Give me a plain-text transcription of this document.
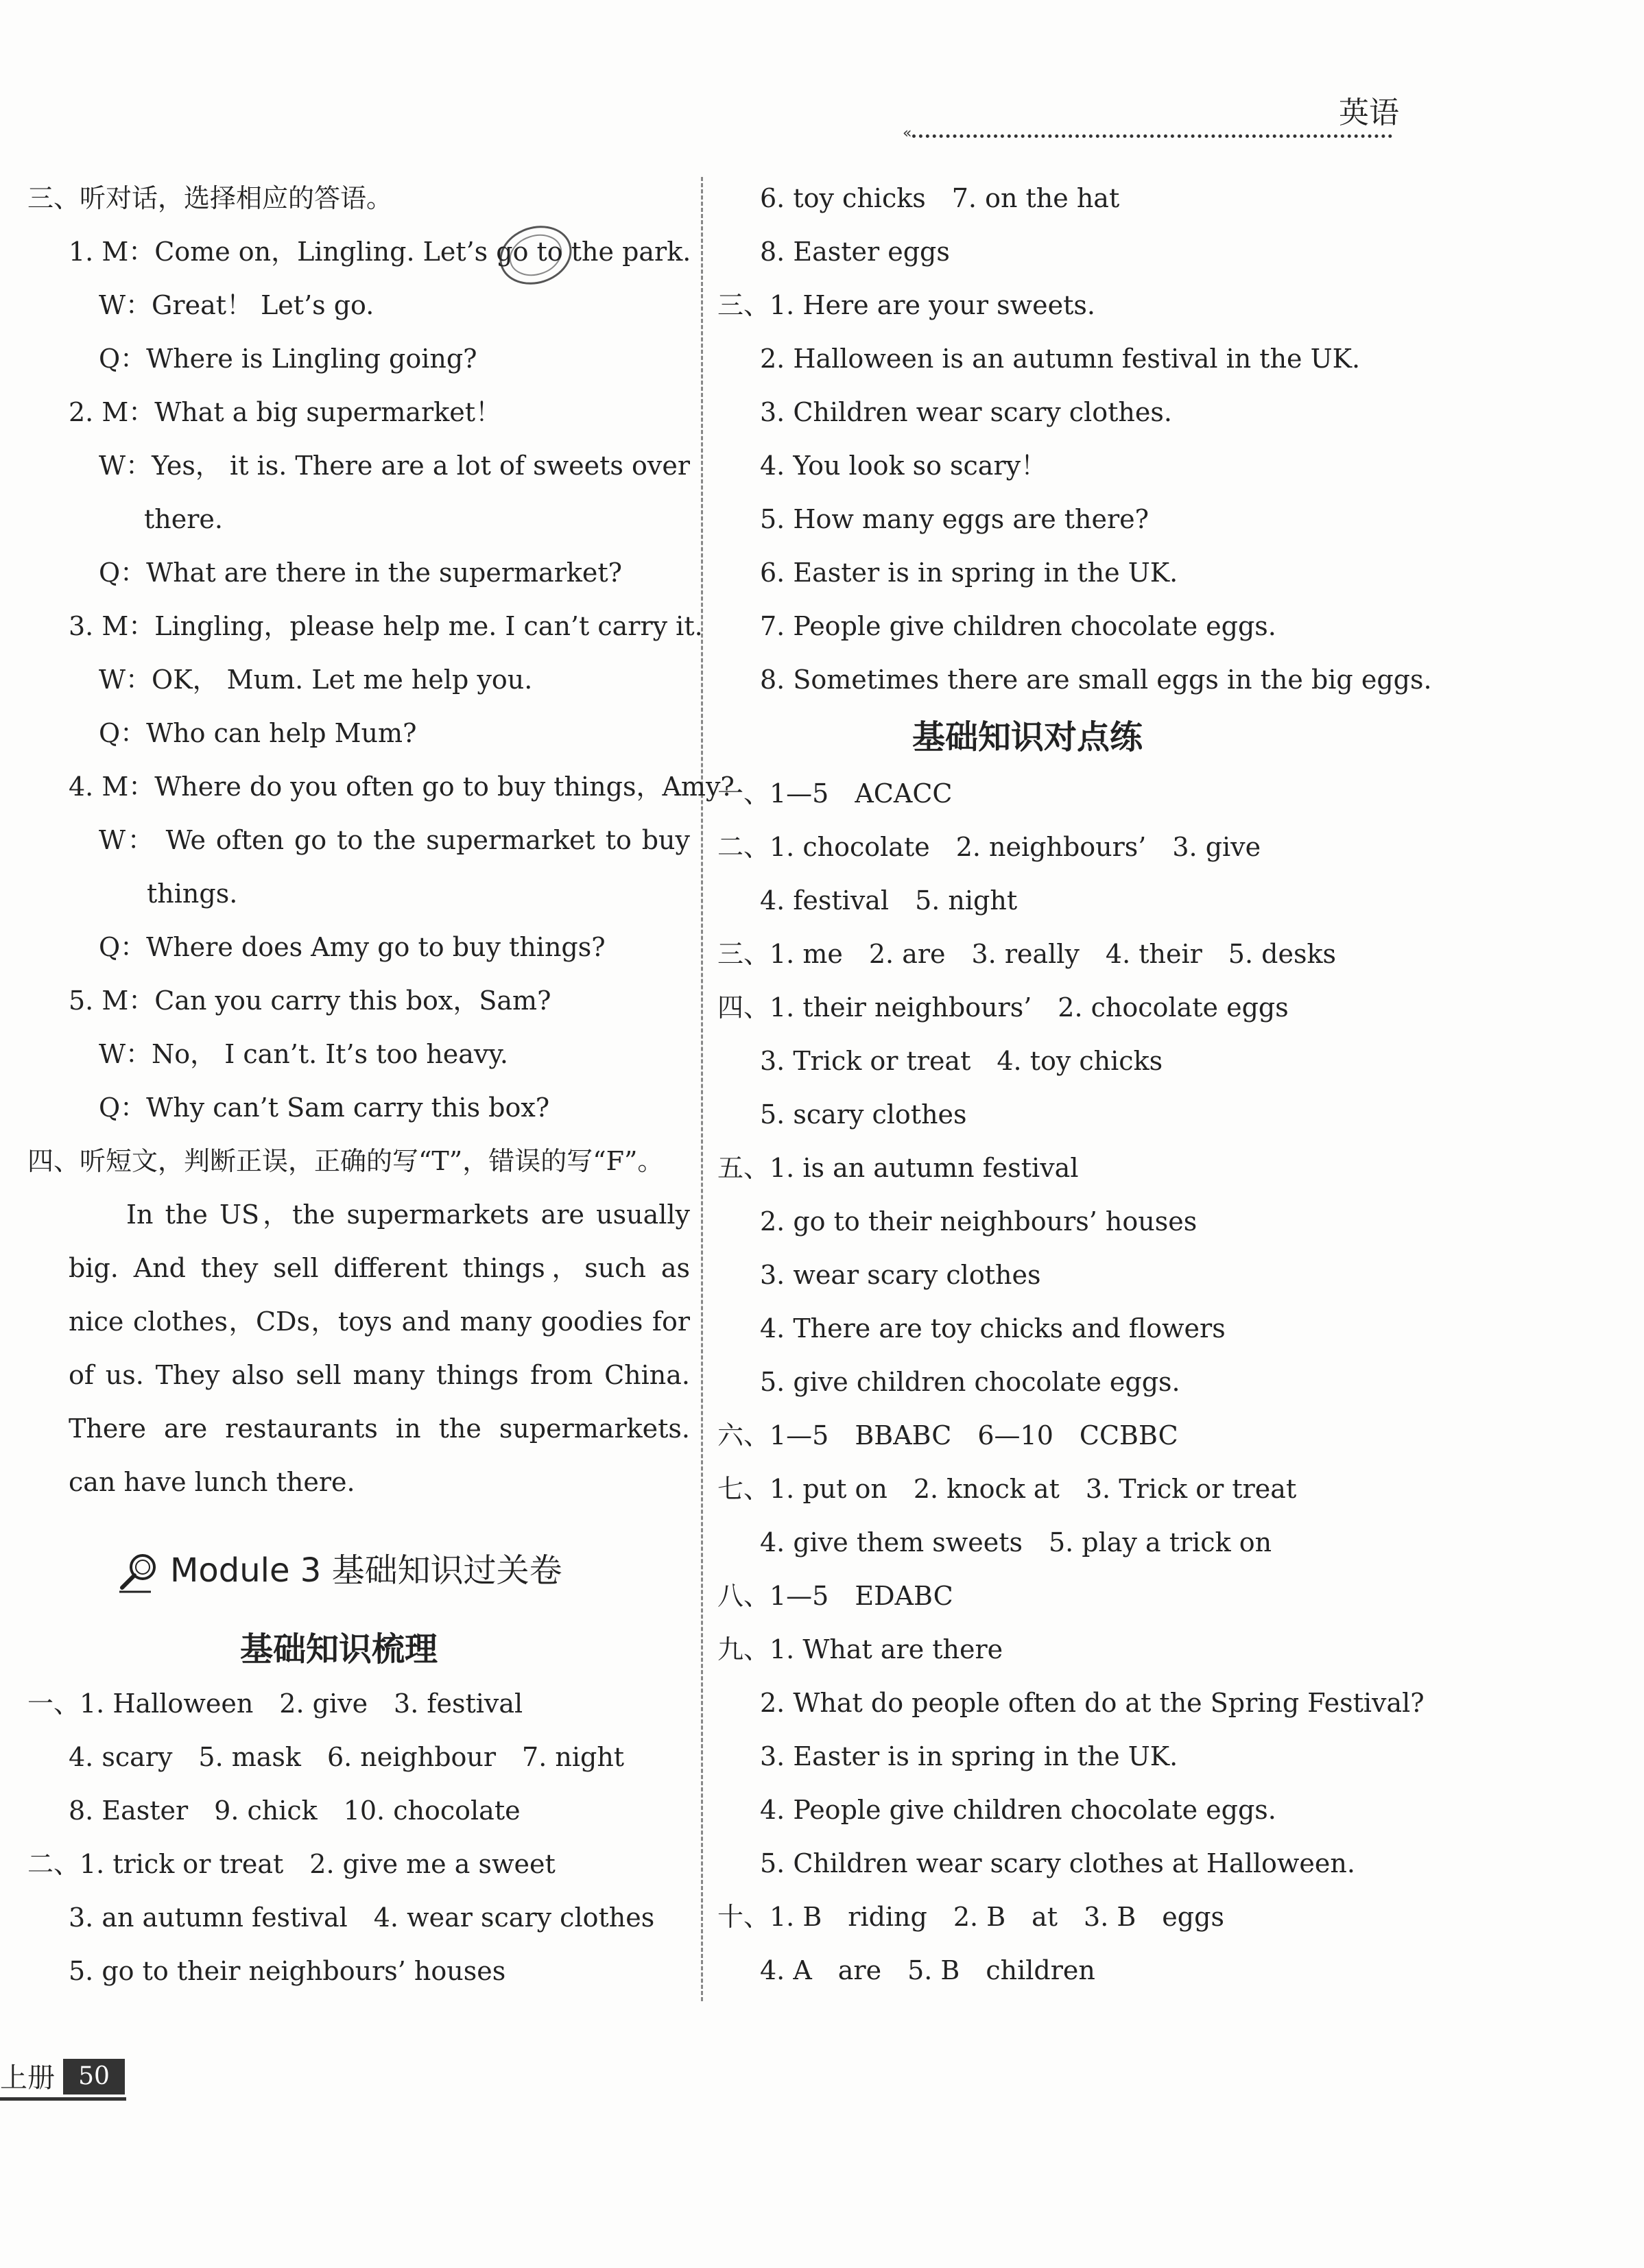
英语
«
三、听对话，选择相应的答语。
1. M：Come on，Lingling. Let’s go to the park.
W：Great！ Let’s go.
Q：Where is Lingling going?
2. M：What a big supermarket！
W：Yes， it is. There are a lot of sweets over
there.
Q：What are there in the supermarket?
3. M：Lingling，please help me. I can’t carry it.
W：OK， Mum. Let me help you.
Q：Who can help Mum?
4. M：Where do you often go to buy things，Amy?
W： We often go to the supermarket to buy
things.
Q：Where does Amy go to buy things?
5. M：Can you carry this box，Sam?
W：No， I can’t. It’s too heavy.
Q：Why can’t Sam carry this box?
四、听短文，判断正误，正确的写“T”，错误的写“F”。
In the US，the supermarkets are usually
big. And they sell different things，such as
nice clothes，CDs，toys and many goodies for
of us. They also sell many things from China.
There are restaurants in the supermarkets.
can have lunch there.
Module 3 基础知识过关卷
基础知识梳理
一、1. Halloween　2. give　3. festival
4. scary　5. mask　6. neighbour　7. night
8. Easter　9. chick　10. chocolate
二、1. trick or treat　2. give me a sweet
3. an autumn festival　4. wear scary clothes
5. go to their neighbours’ houses
6. toy chicks　7. on the hat
8. Easter eggs
三、1. Here are your sweets.
2. Halloween is an autumn festival in the UK.
3. Children wear scary clothes.
4. You look so scary！
5. How many eggs are there?
6. Easter is in spring in the UK.
7. People give children chocolate eggs.
8. Sometimes there are small eggs in the big eggs.
基础知识对点练
一、1—5　ACACC
二、1. chocolate　2. neighbours’　3. give
4. festival　5. night
三、1. me　2. are　3. really　4. their　5. desks
四、1. their neighbours’　2. chocolate eggs
3. Trick or treat　4. toy chicks
5. scary clothes
五、1. is an autumn festival
2. go to their neighbours’ houses
3. wear scary clothes
4. There are toy chicks and flowers
5. give children chocolate eggs.
六、1—5　BBABC　6—10　CCBBC
七、1. put on　2. knock at　3. Trick or treat
4. give them sweets　5. play a trick on
八、1—5　EDABC
九、1. What are there
2. What do people often do at the Spring Festival?
3. Easter is in spring in the UK.
4. People give children chocolate eggs.
5. Children wear scary clothes at Halloween.
十、1. B　riding　2. B　at　3. B　eggs
4. A　are　5. B　children
上册 50
